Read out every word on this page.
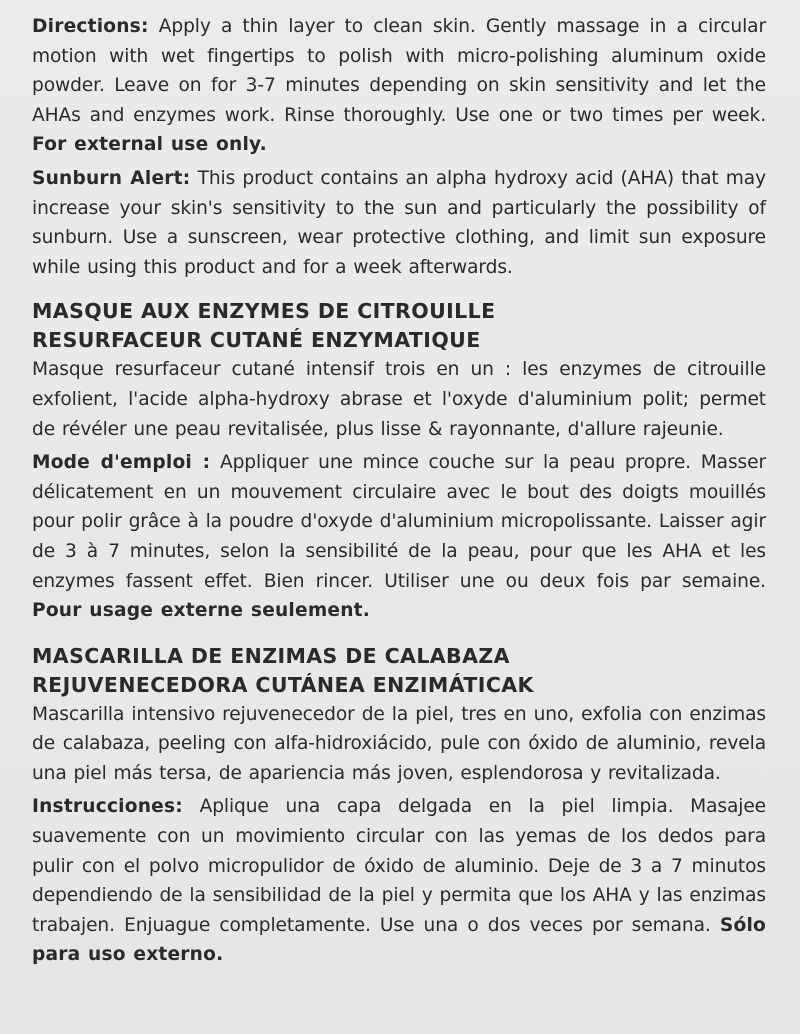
Directions: Apply a thin layer to clean skin. Gently massage in a circular motion with wet fingertips to polish with micro-polishing aluminum oxide powder. Leave on for 3-7 minutes depending on skin sensitivity and let the AHAs and enzymes work. Rinse thoroughly. Use one or two times per week. For external use only.

Sunburn Alert: This product contains an alpha hydroxy acid (AHA) that may increase your skin's sensitivity to the sun and particularly the possibility of sunburn. Use a sunscreen, wear protective clothing, and limit sun exposure while using this product and for a week afterwards.

MASQUE AUX ENZYMES DE CITROUILLE
RESURFACEUR CUTANÉ ENZYMATIQUE

Masque resurfaceur cutané intensif trois en un : les enzymes de citrouille exfolient, l'acide alpha-hydroxy abrase et l'oxyde d'aluminium polit; permet de révéler une peau revitalisée, plus lisse & rayonnante, d'allure rajeunie.

Mode d'emploi : Appliquer une mince couche sur la peau propre. Masser délicatement en un mouvement circulaire avec le bout des doigts mouillés pour polir grâce à la poudre d'oxyde d'aluminium micropolissante. Laisser agir de 3 à 7 minutes, selon la sensibilité de la peau, pour que les AHA et les enzymes fassent effet. Bien rincer. Utiliser une ou deux fois par semaine. Pour usage externe seulement.

MASCARILLA DE ENZIMAS DE CALABAZA
REJUVENECEDORA CUTÁNEA ENZIMÁTICAK

Mascarilla intensivo rejuvenecedor de la piel, tres en uno, exfolia con enzimas de calabaza, peeling con alfa-hidroxiácido, pule con óxido de aluminio, revela una piel más tersa, de apariencia más joven, esplendorosa y revitalizada.

Instrucciones: Aplique una capa delgada en la piel limpia. Masajee suavemente con un movimiento circular con las yemas de los dedos para pulir con el polvo micropulidor de óxido de aluminio. Deje de 3 a 7 minutos dependiendo de la sensibilidad de la piel y permita que los AHA y las enzimas trabajen. Enjuague completamente. Use una o dos veces por semana. Sólo para uso externo.
